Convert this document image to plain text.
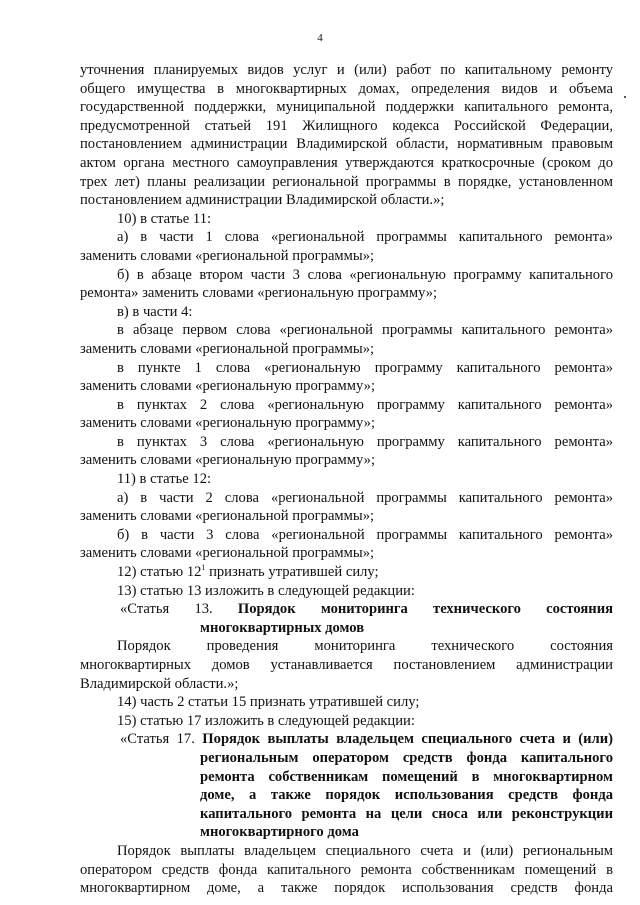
4
уточнения планируемых видов услуг и (или) работ по капитальному ремонту
общего имущества в многоквартирных домах, определения видов и объема
государственной поддержки, муниципальной поддержки капитального ремонта,
предусмотренной статьей 191 Жилищного кодекса Российской Федерации,
постановлением администрации Владимирской области, нормативным правовым
актом органа местного самоуправления утверждаются краткосрочные (сроком до
трех лет) планы реализации региональной программы в порядке, установленном
постановлением администрации Владимирской области.»;
10) в статье 11:
а) в части 1 слова «региональной программы капитального ремонта»
заменить словами «региональной программы»;
б) в абзаце втором части 3 слова «региональную программу капитального
ремонта» заменить словами «региональную программу»;
в) в части 4:
в абзаце первом слова «региональной программы капитального ремонта»
заменить словами «региональной программы»;
в пункте 1 слова «региональную программу капитального ремонта»
заменить словами «региональную программу»;
в пунктах 2 слова «региональную программу капитального ремонта»
заменить словами «региональную программу»;
в пунктах 3 слова «региональную программу капитального ремонта»
заменить словами «региональную программу»;
11) в статье 12:
а) в части 2 слова «региональной программы капитального ремонта»
заменить словами «региональной программы»;
б) в части 3 слова «региональной программы капитального ремонта»
заменить словами «региональной программы»;
12) статью $12^1$ признать утратившей силу;
13) статью 13 изложить в следующей редакции:
«Статья 13. Порядок мониторинга технического состояния
многоквартирных домов
Порядок проведения мониторинга технического состояния
многоквартирных домов устанавливается постановлением администрации
Владимирской области.»;
14) часть 2 статьи 15 признать утратившей силу;
15) статью 17 изложить в следующей редакции:
«Статья 17. Порядок выплаты владельцем специального счета и (или)
региональным оператором средств фонда капитального
ремонта собственникам помещений в многоквартирном
доме, а также порядок использования средств фонда
капитального ремонта на цели сноса или реконструкции
многоквартирного дома
Порядок выплаты владельцем специального счета и (или) региональным
оператором средств фонда капитального ремонта собственникам помещений в
многоквартирном доме, а также порядок использования средств фонда
